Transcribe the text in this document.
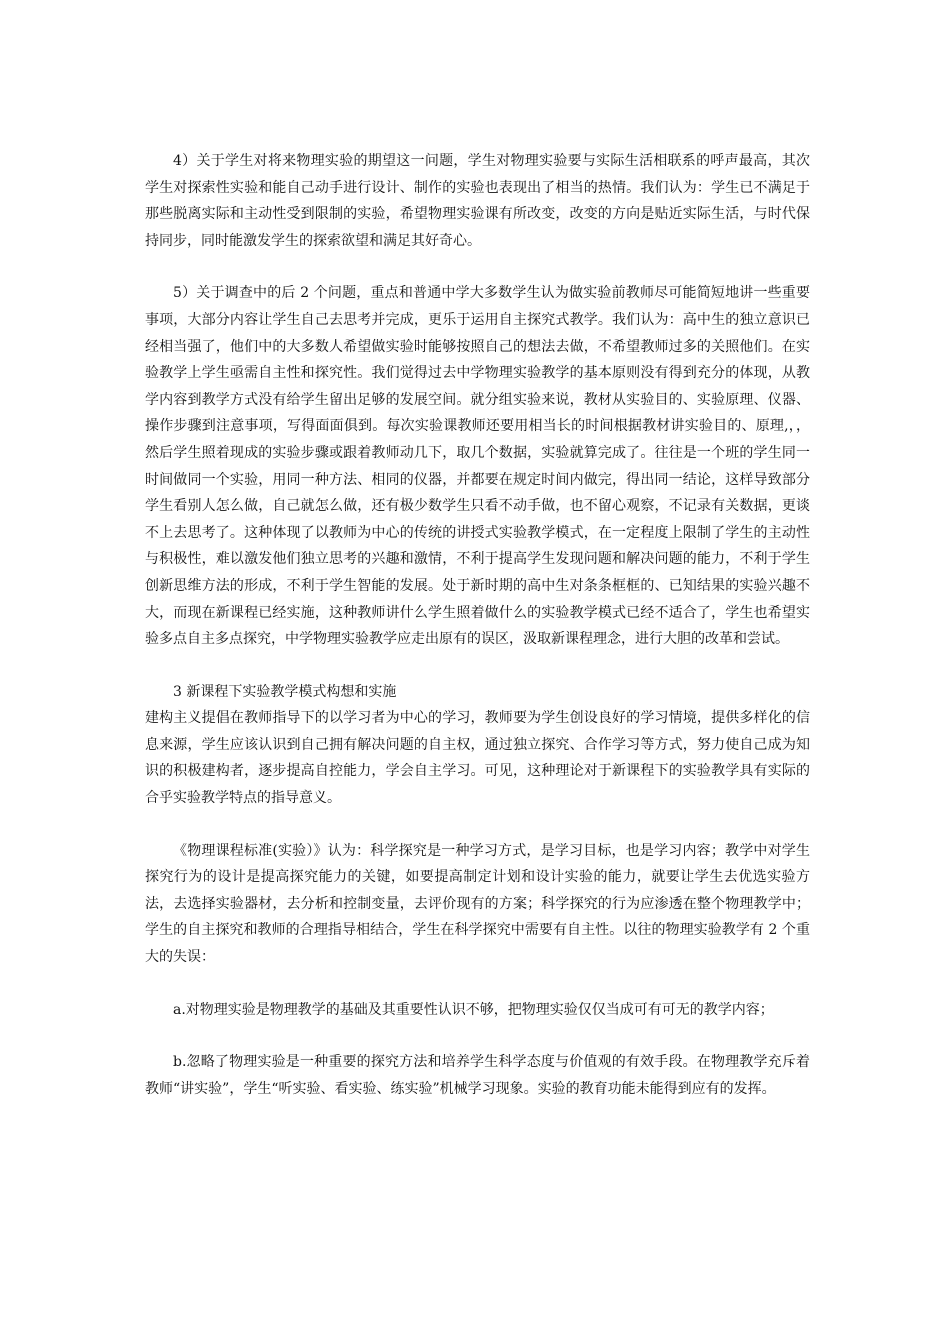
4）关于学生对将来物理实验的期望这一问题，学生对物理实验要与实际生活相联系的呼声最高，其次学生对探索性实验和能自己动手进行设计、制作的实验也表现出了相当的热情。我们认为：学生已不满足于那些脱离实际和主动性受到限制的实验，希望物理实验课有所改变，改变的方向是贴近实际生活，与时代保持同步，同时能激发学生的探索欲望和满足其好奇心。

5）关于调查中的后 2 个问题，重点和普通中学大多数学生认为做实验前教师尽可能简短地讲一些重要事项，大部分内容让学生自己去思考并完成，更乐于运用自主探究式教学。我们认为：高中生的独立意识已经相当强了，他们中的大多数人希望做实验时能够按照自己的想法去做，不希望教师过多的关照他们。在实验教学上学生亟需自主性和探究性。我们觉得过去中学物理实验教学的基本原则没有得到充分的体现，从教学内容到教学方式没有给学生留出足够的发展空间。就分组实验来说，教材从实验目的、实验原理、仪器、操作步骤到注意事项，写得面面俱到。每次实验课教师还要用相当长的时间根据教材讲实验目的、原理,，，然后学生照着现成的实验步骤或跟着教师动几下，取几个数据，实验就算完成了。往往是一个班的学生同一时间做同一个实验，用同一种方法、相同的仪器，并都要在规定时间内做完，得出同一结论，这样导致部分学生看别人怎么做，自己就怎么做，还有极少数学生只看不动手做，也不留心观察，不记录有关数据，更谈不上去思考了。这种体现了以教师为中心的传统的讲授式实验教学模式，在一定程度上限制了学生的主动性与积极性，难以激发他们独立思考的兴趣和激情，不利于提高学生发现问题和解决问题的能力，不利于学生创新思维方法的形成，不利于学生智能的发展。处于新时期的高中生对条条框框的、已知结果的实验兴趣不大，而现在新课程已经实施，这种教师讲什么学生照着做什么的实验教学模式已经不适合了，学生也希望实验多点自主多点探究，中学物理实验教学应走出原有的误区，汲取新课程理念，进行大胆的改革和尝试。

3 新课程下实验教学模式构想和实施

建构主义提倡在教师指导下的以学习者为中心的学习，教师要为学生创设良好的学习情境，提供多样化的信息来源，学生应该认识到自己拥有解决问题的自主权，通过独立探究、合作学习等方式，努力使自己成为知识的积极建构者，逐步提高自控能力，学会自主学习。可见，这种理论对于新课程下的实验教学具有实际的合乎实验教学特点的指导意义。

《物理课程标准(实验）》认为：科学探究是一种学习方式，是学习目标，也是学习内容；教学中对学生探究行为的设计是提高探究能力的关键，如要提高制定计划和设计实验的能力，就要让学生去优选实验方法，去选择实验器材，去分析和控制变量，去评价现有的方案；科学探究的行为应渗透在整个物理教学中；学生的自主探究和教师的合理指导相结合，学生在科学探究中需要有自主性。以往的物理实验教学有 2 个重大的失误：

a.对物理实验是物理教学的基础及其重要性认识不够，把物理实验仅仅当成可有可无的教学内容；

b.忽略了物理实验是一种重要的探究方法和培养学生科学态度与价值观的有效手段。在物理教学充斥着教师“讲实验”，学生“听实验、看实验、练实验”机械学习现象。实验的教育功能未能得到应有的发挥。
